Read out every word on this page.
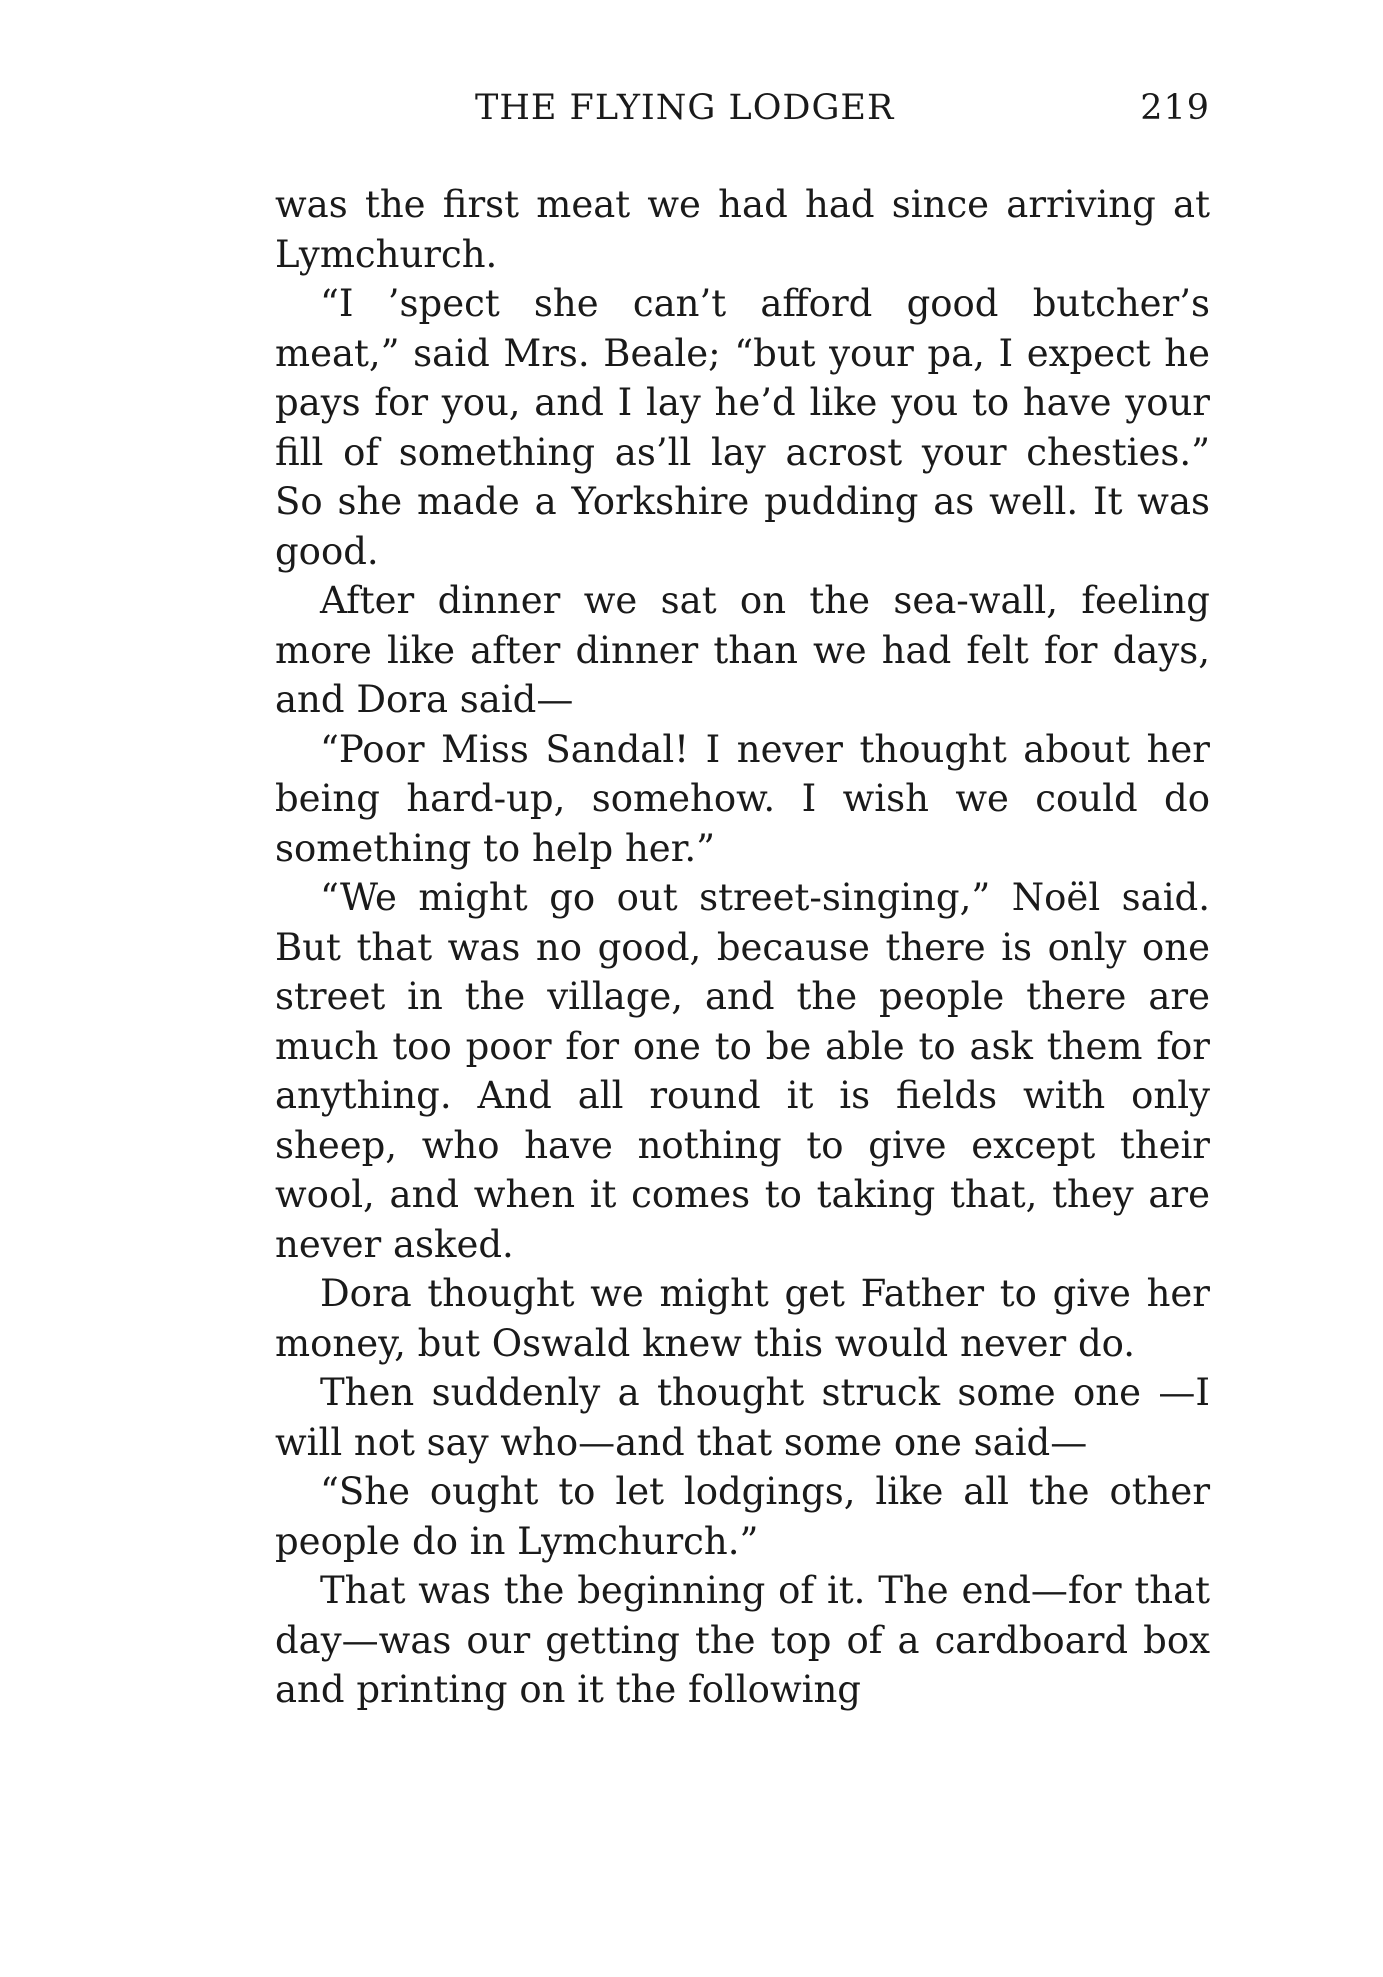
THE FLYING LODGER	219

was the first meat we had had since arriving at Lymchurch.

“I ’spect she can’t afford good butcher’s meat,” said Mrs. Beale; “but your pa, I expect he pays for you, and I lay he’d like you to have your fill of something as’ll lay acrost your chesties.” So she made a Yorkshire pudding as well. It was good.

After dinner we sat on the sea-wall, feeling more like after dinner than we had felt for days, and Dora said—

“Poor Miss Sandal! I never thought about her being hard-up, somehow. I wish we could do something to help her.”

“We might go out street-singing,” Noël said. But that was no good, because there is only one street in the village, and the people there are much too poor for one to be able to ask them for anything. And all round it is fields with only sheep, who have nothing to give except their wool, and when it comes to taking that, they are never asked.

Dora thought we might get Father to give her money, but Oswald knew this would never do.

Then suddenly a thought struck some one —I will not say who—and that some one said—

“She ought to let lodgings, like all the other people do in Lymchurch.”

That was the beginning of it. The end—for that day—was our getting the top of a cardboard box and printing on it the following
